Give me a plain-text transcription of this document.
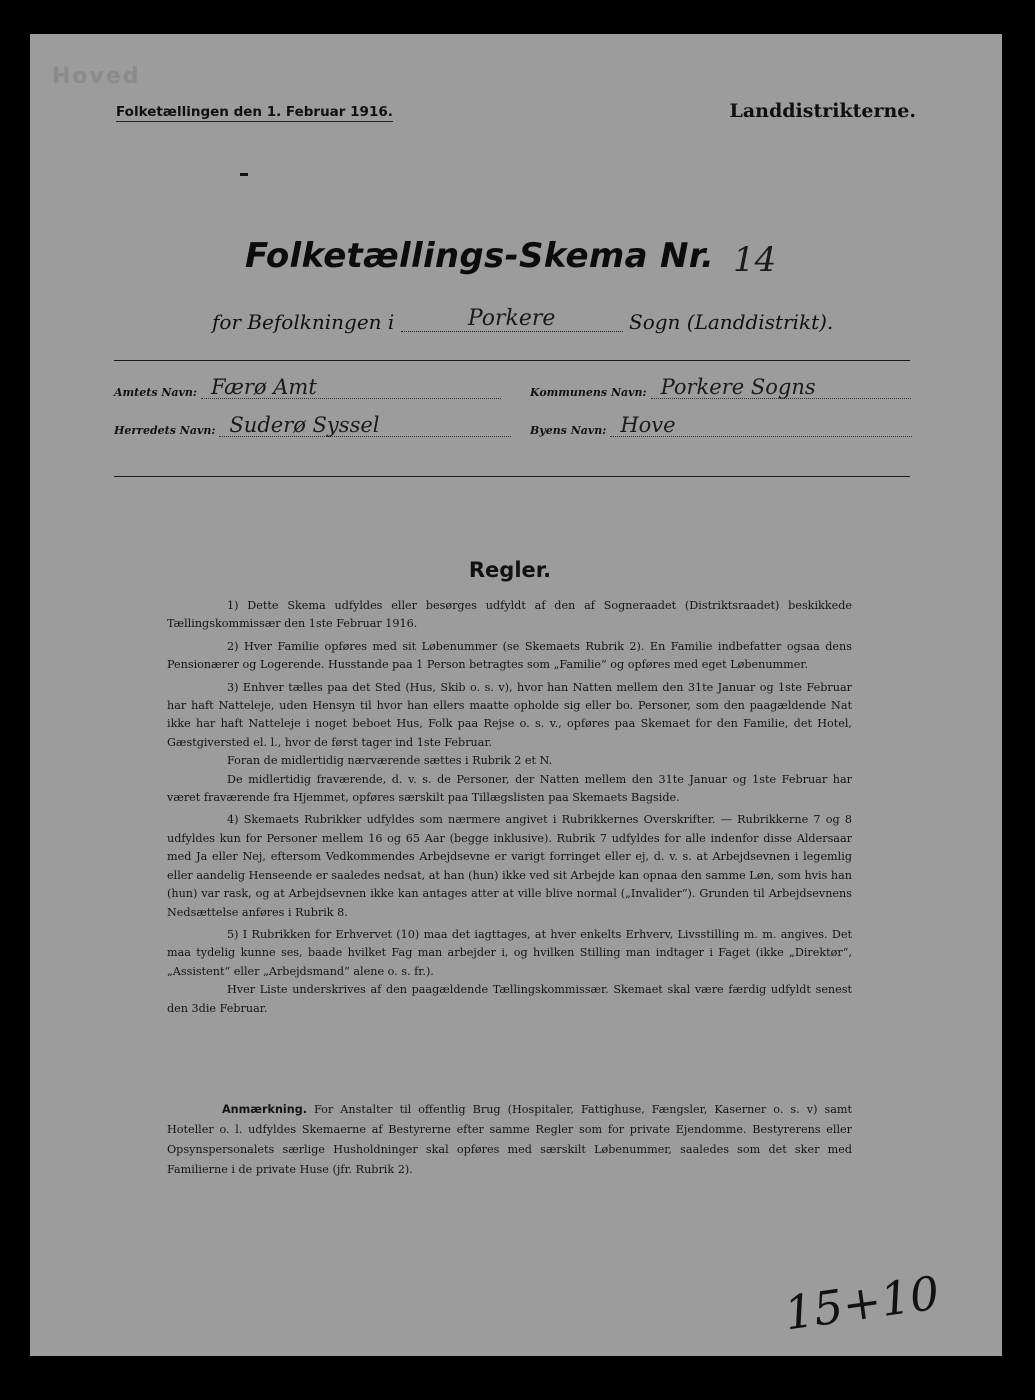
Hoved
Folketællingen den 1. Februar 1916.	Landdistrikterne.
Folketællings-Skema Nr. 14
for Befolkningen i	Porkere	Sogn (Landdistrikt).
Amtets Navn: Færø Amt	Kommunens Navn: Porkere Sogns
Herredets Navn: Suderø Syssel	Byens Navn: Hove
Regler.

1) Dette Skema udfyldes eller besørges udfyldt af den af Sognerаadet (Distriktsraadet) beskikkede Tællingskommissær den 1ste Februar 1916.

2) Hver Familie opføres med sit Løbenummer (se Skemaets Rubrik 2). En Familie indbefatter ogsaa dens Pensionærer og Logerende. Husstande paa 1 Person betragtes som „Familie“ og opføres med eget Løbenummer.

3) Enhver tælles paa det Sted (Hus, Skib o. s. v), hvor han Natten mellem den 31te Januar og 1ste Februar har haft Natteleje, uden Hensyn til hvor han ellers maatte opholde sig eller bo. Personer, som den paagældende Nat ikke har haft Natteleje i noget beboet Hus, Folk paa Rejse o. s. v., opføres paa Skemaet for den Familie, det Hotel, Gæstgiversted el. l., hvor de først tager ind 1ste Februar.

Foran de midlertidig nærværende sættes i Rubrik 2 et N.

De midlertidig fraværende, d. v. s. de Personer, der Natten mellem den 31te Januar og 1ste Februar har været fraværende fra Hjemmet, opføres særskilt paa Tillægslisten paa Skemaets Bagside.

4) Skemaets Rubrikker udfyldes som nærmere angivet i Rubrikkernes Overskrifter. — Rubrikkerne 7 og 8 udfyldes kun for Personer mellem 16 og 65 Aar (begge inklusive). Rubrik 7 udfyldes for alle indenfor disse Aldersaar med Ja eller Nej, eftersom Vedkommendes Arbejdsevne er varigt forringet eller ej, d. v. s. at Arbejdsevnen i legemlig eller aandelig Henseende er saaledes nedsat, at han (hun) ikke ved sit Arbejde kan opnaa den samme Løn, som hvis han (hun) var rask, og at Arbejdsevnen ikke kan antages atter at ville blive normal („Invalider“). Grunden til Arbejdsevnens Nedsættelse anføres i Rubrik 8.

5) I Rubrikken for Erhvervet (10) maa det iagttages, at hver enkelts Erhverv, Livsstilling m. m. angives. Det maa tydelig kunne ses, baade hvilket Fag man arbejder i, og hvilken Stilling man indtager i Faget (ikke „Direktør“, „Assistent“ eller „Arbejdsmand“ alene o. s. fr.).

Hver Liste underskrives af den paagældende Tællingskommissær. Skemaet skal være færdig udfyldt senest den 3die Februar.

Anmærkning. For Anstalter til offentlig Brug (Hospitaler, Fattighuse, Fængsler, Kaserner o. s. v) samt Hoteller o. l. udfyldes Skemaerne af Bestyrerne efter samme Regler som for private Ejendomme. Bestyrerens eller Opsynspersonalets særlige Husholdninger skal opføres med særskilt Løbenummer, saaledes som det sker med Familierne i de private Huse (jfr. Rubrik 2).
15+10
